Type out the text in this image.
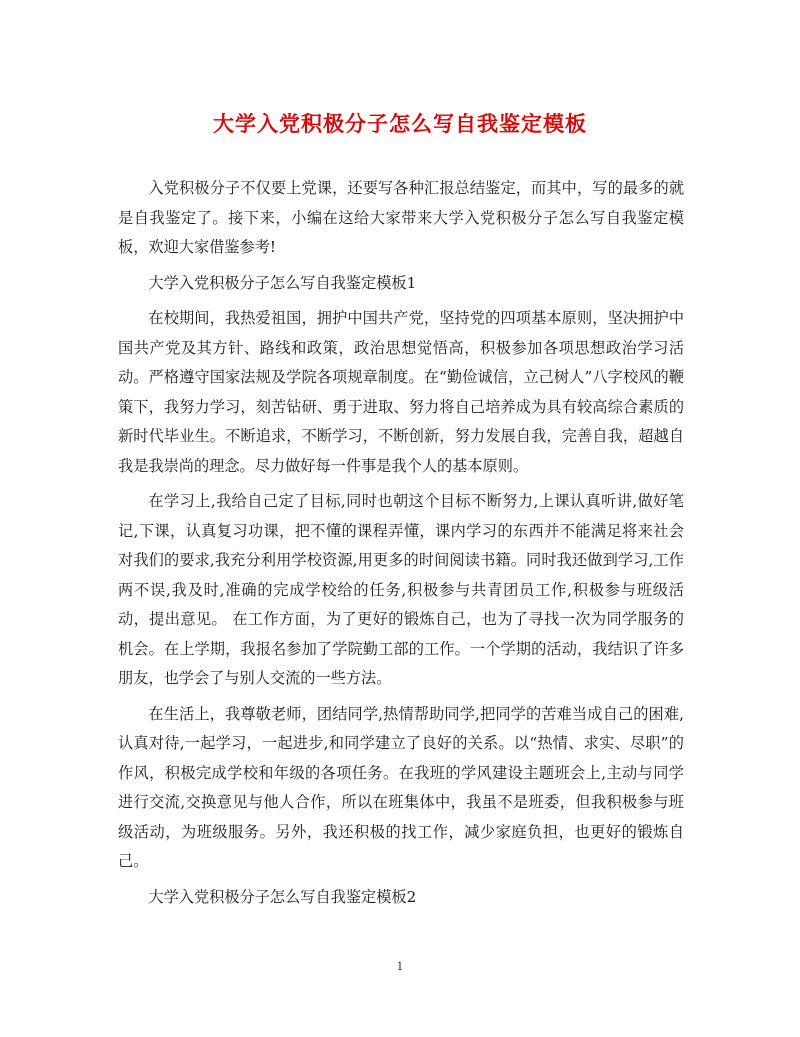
大学入党积极分子怎么写自我鉴定模板

入党积极分子不仅要上党课，还要写各种汇报总结鉴定，而其中，写的最多的就是自我鉴定了。接下来，小编在这给大家带来大学入党积极分子怎么写自我鉴定模板，欢迎大家借鉴参考!

大学入党积极分子怎么写自我鉴定模板1

在校期间，我热爱祖国，拥护中国共产党，坚持党的四项基本原则，坚决拥护中国共产党及其方针、路线和政策，政治思想觉悟高，积极参加各项思想政治学习活动。严格遵守国家法规及学院各项规章制度。在“勤俭诚信，立己树人”八字校风的鞭策下，我努力学习，刻苦钻研、勇于进取、努力将自己培养成为具有较高综合素质的新时代毕业生。不断追求，不断学习，不断创新，努力发展自我，完善自我，超越自我是我崇尚的理念。尽力做好每一件事是我个人的基本原则。

在学习上,我给自己定了目标,同时也朝这个目标不断努力,上课认真听讲,做好笔记,下课，认真复习功课，把不懂的课程弄懂，课内学习的东西并不能满足将来社会对我们的要求,我充分利用学校资源,用更多的时间阅读书籍。同时我还做到学习,工作两不误,我及时,准确的完成学校给的任务,积极参与共青团员工作,积极参与班级活动，提出意见。 在工作方面，为了更好的锻炼自己，也为了寻找一次为同学服务的机会。在上学期，我报名参加了学院勤工部的工作。一个学期的活动，我结识了许多朋友，也学会了与别人交流的一些方法。

在生活上，我尊敬老师，团结同学,热情帮助同学,把同学的苦难当成自己的困难,认真对待,一起学习，一起进步,和同学建立了良好的关系。以“热情、求实、尽职”的作风，积极完成学校和年级的各项任务。在我班的学风建设主题班会上,主动与同学进行交流,交换意见与他人合作，所以在班集体中，我虽不是班委，但我积极参与班级活动，为班级服务。另外，我还积极的找工作，减少家庭负担，也更好的锻炼自己。

大学入党积极分子怎么写自我鉴定模板2

1
